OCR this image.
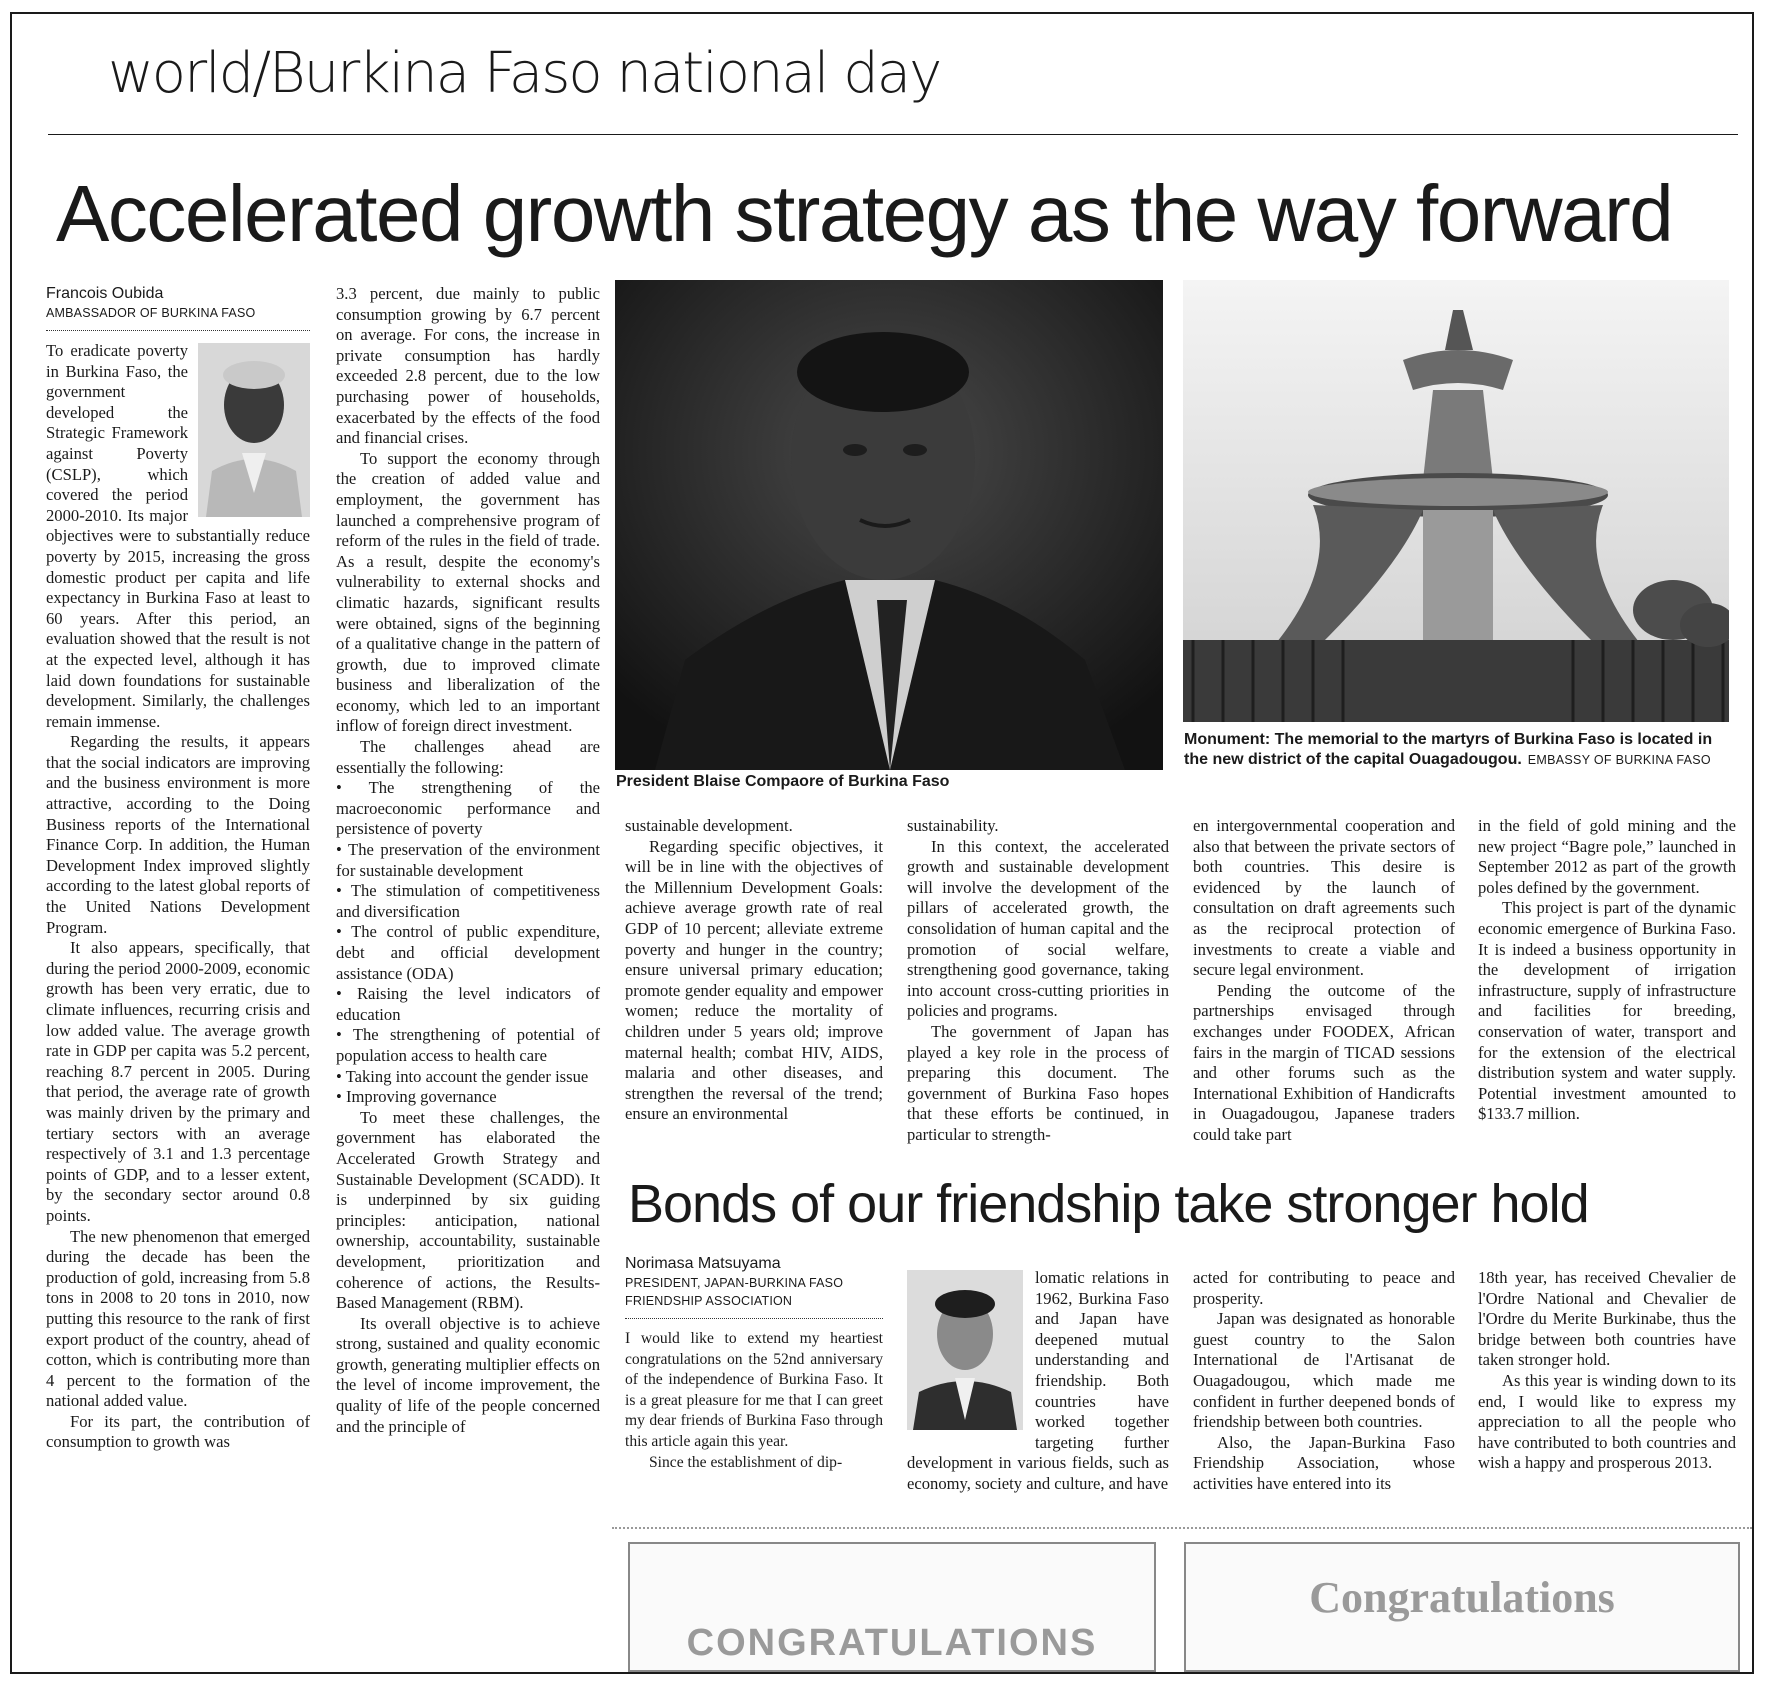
world/Burkina Faso national day
Accelerated growth strategy as the way forward
Francois Oubida
AMBASSADOR OF BURKINA FASO

To eradicate poverty in Burkina Faso, the government developed the Strategic Framework against Poverty (CSLP), which covered the period 2000-2010. Its major objectives were to substantially reduce poverty by 2015, increasing the gross domestic product per capita and life expectancy in Burkina Faso at least to 60 years. After this period, an evaluation showed that the result is not at the expected level, although it has laid down foundations for sustainable development. Similarly, the challenges remain immense.

Regarding the results, it appears that the social indicators are improving and the business environment is more attractive, according to the Doing Business reports of the International Finance Corp. In addition, the Human Development Index improved slightly according to the latest global reports of the United Nations Development Program.

It also appears, specifically, that during the period 2000-2009, economic growth has been very erratic, due to climate influences, recurring crisis and low added value. The average growth rate in GDP per capita was 5.2 percent, reaching 8.7 percent in 2005. During that period, the average rate of growth was mainly driven by the primary and tertiary sectors with an average respectively of 3.1 and 1.3 percentage points of GDP, and to a lesser extent, by the secondary sector around 0.8 points.

The new phenomenon that emerged during the decade has been the production of gold, increasing from 5.8 tons in 2008 to 20 tons in 2010, now putting this resource to the rank of first export product of the country, ahead of cotton, which is contributing more than 4 percent to the formation of the national added value.

For its part, the contribution of consumption to growth was

3.3 percent, due mainly to public consumption growing by 6.7 percent on average. For cons, the increase in private consumption has hardly exceeded 2.8 percent, due to the low purchasing power of households, exacerbated by the effects of the food and financial crises.

To support the economy through the creation of added value and employment, the government has launched a comprehensive program of reform of the rules in the field of trade. As a result, despite the economy's vulnerability to external shocks and climatic hazards, significant results were obtained, signs of the beginning of a qualitative change in the pattern of growth, due to improved climate business and liberalization of the economy, which led to an important inflow of foreign direct investment.

The challenges ahead are essentially the following:

• The strengthening of the macroeconomic performance and persistence of poverty

• The preservation of the environment for sustainable development

• The stimulation of competitiveness and diversification

• The control of public expenditure, debt and official development assistance (ODA)

• Raising the level indicators of education

• The strengthening of potential of population access to health care

• Taking into account the gender issue

• Improving governance

To meet these challenges, the government has elaborated the Accelerated Growth Strategy and Sustainable Development (SCADD). It is underpinned by six guiding principles: anticipation, national ownership, accountability, sustainable development, prioritization and coherence of actions, the Results-Based Management (RBM).

Its overall objective is to achieve strong, sustained and quality economic growth, generating multiplier effects on the level of income improvement, the quality of life of the people concerned and the principle of

President Blaise Compaore of Burkina Faso
Monument: The memorial to the martyrs of Burkina Faso is located in the new district of the capital Ouagadougou. EMBASSY OF BURKINA FASO

sustainable development.

Regarding specific objectives, it will be in line with the objectives of the Millennium Development Goals: achieve average growth rate of real GDP of 10 percent; alleviate extreme poverty and hunger in the country; ensure universal primary education; promote gender equality and empower women; reduce the mortality of children under 5 years old; improve maternal health; combat HIV, AIDS, malaria and other diseases, and strengthen the reversal of the trend; ensure an environmental

sustainability.

In this context, the accelerated growth and sustainable development will involve the development of the pillars of accelerated growth, the consolidation of human capital and the promotion of social welfare, strengthening good governance, taking into account cross-cutting priorities in policies and programs.

The government of Japan has played a key role in the process of preparing this document. The government of Burkina Faso hopes that these efforts be continued, in particular to strength-

en intergovernmental cooperation and also that between the private sectors of both countries. This desire is evidenced by the launch of consultation on draft agreements such as the reciprocal protection of investments to create a viable and secure legal environment.

Pending the outcome of the partnerships envisaged through exchanges under FOODEX, African fairs in the margin of TICAD sessions and other forums such as the International Exhibition of Handicrafts in Ouagadougou, Japanese traders could take part

in the field of gold mining and the new project “Bagre pole,” launched in September 2012 as part of the growth poles defined by the government.

This project is part of the dynamic economic emergence of Burkina Faso. It is indeed a business opportunity in the development of irrigation infrastructure, supply of infrastructure and facilities for breeding, conservation of water, transport and for the extension of the electrical distribution system and water supply. Potential investment amounted to $133.7 million.

Bonds of our friendship take stronger hold
Norimasa Matsuyama
PRESIDENT, JAPAN-BURKINA FASO
FRIENDSHIP ASSOCIATION

I would like to extend my heartiest congratulations on the 52nd anniversary of the independence of Burkina Faso. It is a great pleasure for me that I can greet my dear friends of Burkina Faso through this article again this year.

Since the establishment of dip-

lomatic relations in 1962, Burkina Faso and Japan have deepened mutual understanding and friendship. Both countries have worked together targeting further development in various fields, such as economy, society and culture, and have

acted for contributing to peace and prosperity.

Japan was designated as honorable guest country to the Salon International de l'Artisanat de Ouagadougou, which made me confident in further deepened bonds of friendship between both countries.

Also, the Japan-Burkina Faso Friendship Association, whose activities have entered into its

18th year, has received Chevalier de l'Ordre National and Chevalier de l'Ordre du Merite Burkinabe, thus the bridge between both countries have taken stronger hold.

As this year is winding down to its end, I would like to express my appreciation to all the people who have contributed to both countries and wish a happy and prosperous 2013.

CONGRATULATIONS
Congratulations
